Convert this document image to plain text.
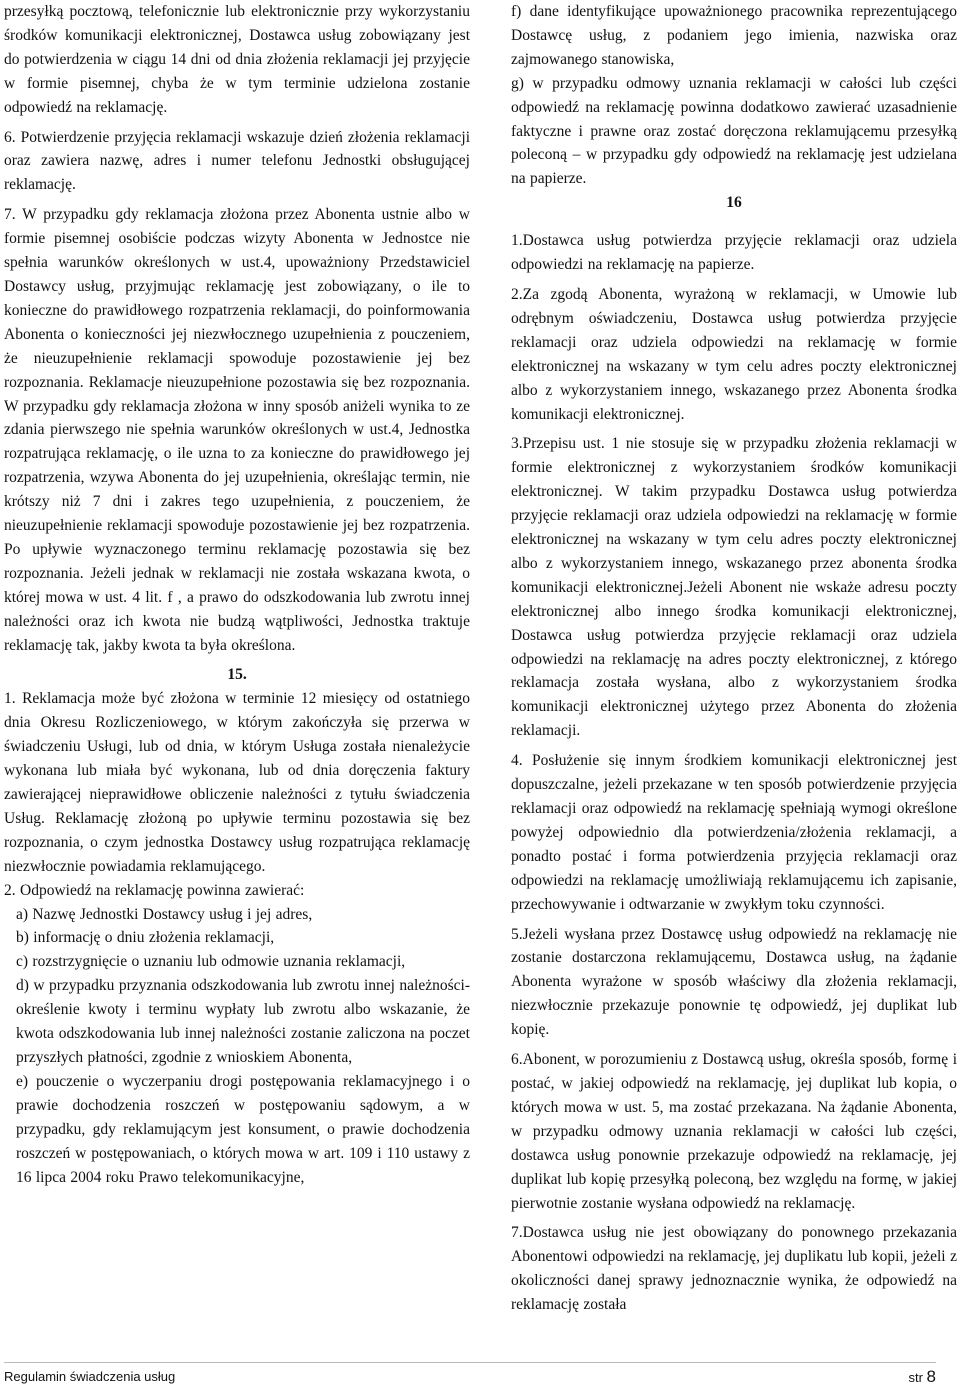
przesyłką pocztową, telefonicznie lub elektronicznie przy wykorzystaniu środków komunikacji elektronicznej, Dostawca usług zobowiązany jest do potwierdzenia w ciągu 14 dni od dnia złożenia reklamacji jej przyjęcie w formie pisemnej, chyba że w tym terminie udzielona zostanie odpowiedź na reklamację.

6. Potwierdzenie przyjęcia reklamacji wskazuje dzień złożenia reklamacji oraz zawiera nazwę, adres i numer telefonu Jednostki obsługującej reklamację.

7. W przypadku gdy reklamacja złożona przez Abonenta ustnie albo w formie pisemnej osobiście podczas wizyty Abonenta w Jednostce nie spełnia warunków określonych w ust.4, upoważniony Przedstawiciel Dostawcy usług, przyjmując reklamację jest zobowiązany, o ile to konieczne do prawidłowego rozpatrzenia reklamacji, do poinformowania Abonenta o konieczności jej niezwłocznego uzupełnienia z pouczeniem, że nieuzupełnienie reklamacji spowoduje pozostawienie jej bez rozpoznania. Reklamacje nieuzupełnione pozostawia się bez rozpoznania. W przypadku gdy reklamacja złożona w inny sposób aniżeli wynika to ze zdania pierwszego nie spełnia warunków określonych w ust.4, Jednostka rozpatrująca reklamację, o ile uzna to za konieczne do prawidłowego jej rozpatrzenia, wzywa Abonenta do jej uzupełnienia, określając termin, nie krótszy niż 7 dni i zakres tego uzupełnienia, z pouczeniem, że nieuzupełnienie reklamacji spowoduje pozostawienie jej bez rozpatrzenia. Po upływie wyznaczonego terminu reklamację pozostawia się bez rozpoznania. Jeżeli jednak w reklamacji nie została wskazana kwota, o której mowa w ust. 4 lit. f , a prawo do odszkodowania lub zwrotu innej należności oraz ich kwota nie budzą wątpliwości, Jednostka traktuje reklamację tak, jakby kwota ta była określona.

15.

1. Reklamacja może być złożona w terminie 12 miesięcy od ostatniego dnia Okresu Rozliczeniowego, w którym zakończyła się przerwa w świadczeniu Usługi, lub od dnia, w którym Usługa została nienależycie wykonana lub miała być wykonana, lub od dnia doręczenia faktury zawierającej nieprawidłowe obliczenie należności z tytułu świadczenia Usług. Reklamację złożoną po upływie terminu pozostawia się bez rozpoznania, o czym jednostka Dostawcy usług rozpatrująca reklamację niezwłocznie powiadamia reklamującego.

2. Odpowiedź na reklamację powinna zawierać:

a) Nazwę Jednostki Dostawcy usług i jej adres,

b) informację o dniu złożenia reklamacji,

c) rozstrzygnięcie o uznaniu lub odmowie uznania reklamacji,

d) w przypadku przyznania odszkodowania lub zwrotu innej należności- określenie kwoty i terminu wypłaty lub zwrotu albo wskazanie, że kwota odszkodowania lub innej należności zostanie zaliczona na poczet przyszłych płatności, zgodnie z wnioskiem Abonenta,

e) pouczenie o wyczerpaniu drogi postępowania reklamacyjnego i o prawie dochodzenia roszczeń w postępowaniu sądowym, a w przypadku, gdy reklamującym jest konsument, o prawie dochodzenia roszczeń w postępowaniach, o których mowa w art. 109 i 110 ustawy z 16 lipca 2004 roku Prawo telekomunikacyjne,

f) dane identyfikujące upoważnionego pracownika reprezentującego Dostawcę usług, z podaniem jego imienia, nazwiska oraz zajmowanego stanowiska,

g) w przypadku odmowy uznania reklamacji w całości lub części odpowiedź na reklamację powinna dodatkowo zawierać uzasadnienie faktyczne i prawne oraz zostać doręczona reklamującemu przesyłką poleconą – w przypadku gdy odpowiedź na reklamację jest udzielana na papierze.

16

1.Dostawca usług potwierdza przyjęcie reklamacji oraz udziela odpowiedzi na reklamację na papierze.

2.Za zgodą Abonenta, wyrażoną w reklamacji, w Umowie lub odrębnym oświadczeniu, Dostawca usług potwierdza przyjęcie reklamacji oraz udziela odpowiedzi na reklamację w formie elektronicznej na wskazany w tym celu adres poczty elektronicznej albo z wykorzystaniem innego, wskazanego przez Abonenta środka komunikacji elektronicznej.

3.Przepisu ust. 1 nie stosuje się w przypadku złożenia reklamacji w formie elektronicznej z wykorzystaniem środków komunikacji elektronicznej. W takim przypadku Dostawca usług potwierdza przyjęcie reklamacji oraz udziela odpowiedzi na reklamację w formie elektronicznej na wskazany w tym celu adres poczty elektronicznej albo z wykorzystaniem innego, wskazanego przez abonenta środka komunikacji elektronicznej.Jeżeli Abonent nie wskaże adresu poczty elektronicznej albo innego środka komunikacji elektronicznej, Dostawca usług potwierdza przyjęcie reklamacji oraz udziela odpowiedzi na reklamację na adres poczty elektronicznej, z którego reklamacja została wysłana, albo z wykorzystaniem środka komunikacji elektronicznej użytego przez Abonenta do złożenia reklamacji.

4. Posłużenie się innym środkiem komunikacji elektronicznej jest dopuszczalne, jeżeli przekazane w ten sposób potwierdzenie przyjęcia reklamacji oraz odpowiedź na reklamację spełniają wymogi określone powyżej odpowiednio dla potwierdzenia/złożenia reklamacji, a ponadto postać i forma potwierdzenia przyjęcia reklamacji oraz odpowiedzi na reklamację umożliwiają reklamującemu ich zapisanie, przechowywanie i odtwarzanie w zwykłym toku czynności.

5.Jeżeli wysłana przez Dostawcę usług odpowiedź na reklamację nie zostanie dostarczona reklamującemu, Dostawca usług, na żądanie Abonenta wyrażone w sposób właściwy dla złożenia reklamacji, niezwłocznie przekazuje ponownie tę odpowiedź, jej duplikat lub kopię.

6.Abonent, w porozumieniu z Dostawcą usług, określa sposób, formę i postać, w jakiej odpowiedź na reklamację, jej duplikat lub kopia, o których mowa w ust. 5, ma zostać przekazana. Na żądanie Abonenta, w przypadku odmowy uznania reklamacji w całości lub części, dostawca usług ponownie przekazuje odpowiedź na reklamację, jej duplikat lub kopię przesyłką poleconą, bez względu na formę, w jakiej pierwotnie zostanie wysłana odpowiedź na reklamację.

7.Dostawca usług nie jest obowiązany do ponownego przekazania Abonentowi odpowiedzi na reklamację, jej duplikatu lub kopii, jeżeli z okoliczności danej sprawy jednoznacznie wynika, że odpowiedź na reklamację została

Regulamin świadczenia usług	str 8
